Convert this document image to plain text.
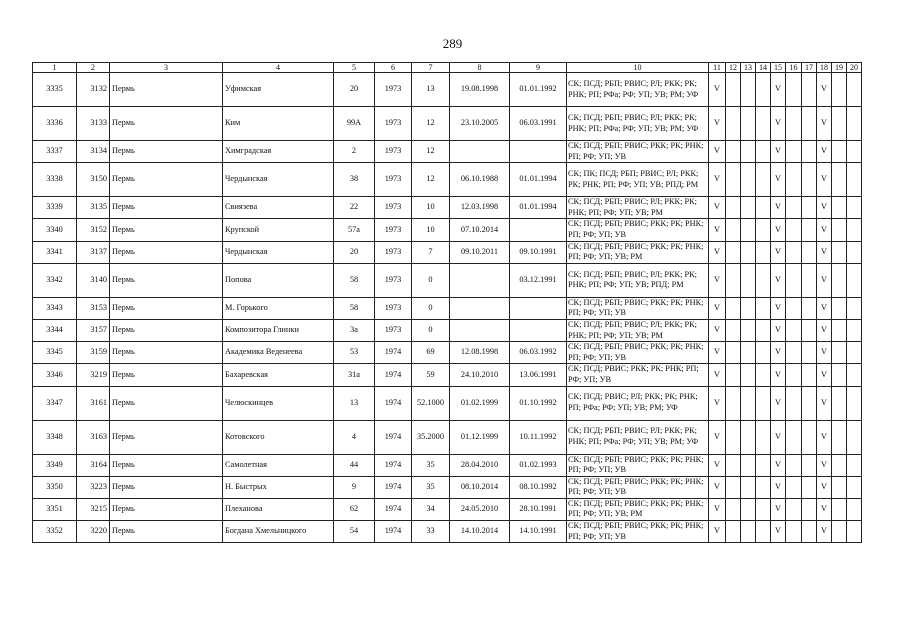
289
1	2	3	4	5	6	7	8	9	10	11	12	13	14	15	16	17	18	19	20
3335	3132	Пермь	Уфимская	20	1973	13	19.08.1998	01.01.1992	СК; ПСД; РБП; РВИС; РЛ; РКК; РК; РНК; РП; РФа; РФ; УП; УВ; РМ; УФ	V				V			V		
3336	3133	Пермь	Ким	99А	1973	12	23.10.2005	06.03.1991	СК; ПСД; РБП; РВИС; РЛ; РКК; РК; РНК; РП; РФа; РФ; УП; УВ; РМ; УФ	V				V			V		
3337	3134	Пермь	Химградская	2	1973	12			СК; ПСД; РБП; РВИС; РКК; РК; РНК; РП; РФ; УП; УВ	V				V			V		
3338	3150	Пермь	Чердынская	38	1973	12	06.10.1988	01.01.1994	СК; ПК; ПСД; РБП; РВИС; РЛ; РКК; РК; РНК; РП; РФ; УП; УВ; РПД; РМ	V				V			V		
3339	3135	Пермь	Свиязева	22	1973	10	12.03.1998	01.01.1994	СК; ПСД; РБП; РВИС; РЛ; РКК; РК; РНК; РП; РФ; УП; УВ; РМ	V				V			V		
3340	3152	Пермь	Крупской	57а	1973	10	07.10.2014		СК; ПСД; РБП; РВИС; РКК; РК; РНК; РП; РФ; УП; УВ	V				V			V		
3341	3137	Пермь	Чердынская	20	1973	7	09.10.2011	09.10.1991	СК; ПСД; РБП; РВИС; РКК; РК; РНК; РП; РФ; УП; УВ; РМ	V				V			V		
3342	3140	Пермь	Попова	58	1973	0		03.12.1991	СК; ПСД; РБП; РВИС; РЛ; РКК; РК; РНК; РП; РФ; УП; УВ; РПД; РМ	V				V			V		
3343	3153	Пермь	М. Горького	58	1973	0			СК; ПСД; РБП; РВИС; РКК; РК; РНК; РП; РФ; УП; УВ	V				V			V		
3344	3157	Пермь	Композитора Глинки	3а	1973	0			СК; ПСД; РБП; РВИС; РЛ; РКК; РК; РНК; РП; РФ; УП; УВ; РМ	V				V			V		
3345	3159	Пермь	Академика Веденеева	53	1974	69	12.08.1998	06.03.1992	СК; ПСД; РБП; РВИС; РКК; РК; РНК; РП; РФ; УП; УВ	V				V			V		
3346	3219	Пермь	Бахаревская	31а	1974	59	24.10.2010	13.06.1991	СК; ПСД; РВИС; РКК; РК; РНК; РП; РФ; УП; УВ	V				V			V		
3347	3161	Пермь	Челюскинцев	13	1974	52.1000	01.02.1999	01.10.1992	СК; ПСД; РВИС; РЛ; РКК; РК; РНК; РП; РФа; РФ; УП; УВ; РМ; УФ	V				V			V		
3348	3163	Пермь	Котовского	4	1974	35.2000	01.12.1999	10.11.1992	СК; ПСД; РБП; РВИС; РЛ; РКК; РК; РНК; РП; РФа; РФ; УП; УВ; РМ; УФ	V				V			V		
3349	3164	Пермь	Самолетная	44	1974	35	28.04.2010	01.02.1993	СК; ПСД; РБП; РВИС; РКК; РК; РНК; РП; РФ; УП; УВ	V				V			V		
3350	3223	Пермь	Н. Быстрых	9	1974	35	08.10.2014	08.10.1992	СК; ПСД; РБП; РВИС; РКК; РК; РНК; РП; РФ; УП; УВ	V				V			V		
3351	3215	Пермь	Плеханова	62	1974	34	24.05.2010	28.10.1991	СК; ПСД; РБП; РВИС; РКК; РК; РНК; РП; РФ; УП; УВ; РМ	V				V			V		
3352	3220	Пермь	Богдана Хмельницкого	54	1974	33	14.10.2014	14.10.1991	СК; ПСД; РБП; РВИС; РКК; РК; РНК; РП; РФ; УП; УВ	V				V			V		
